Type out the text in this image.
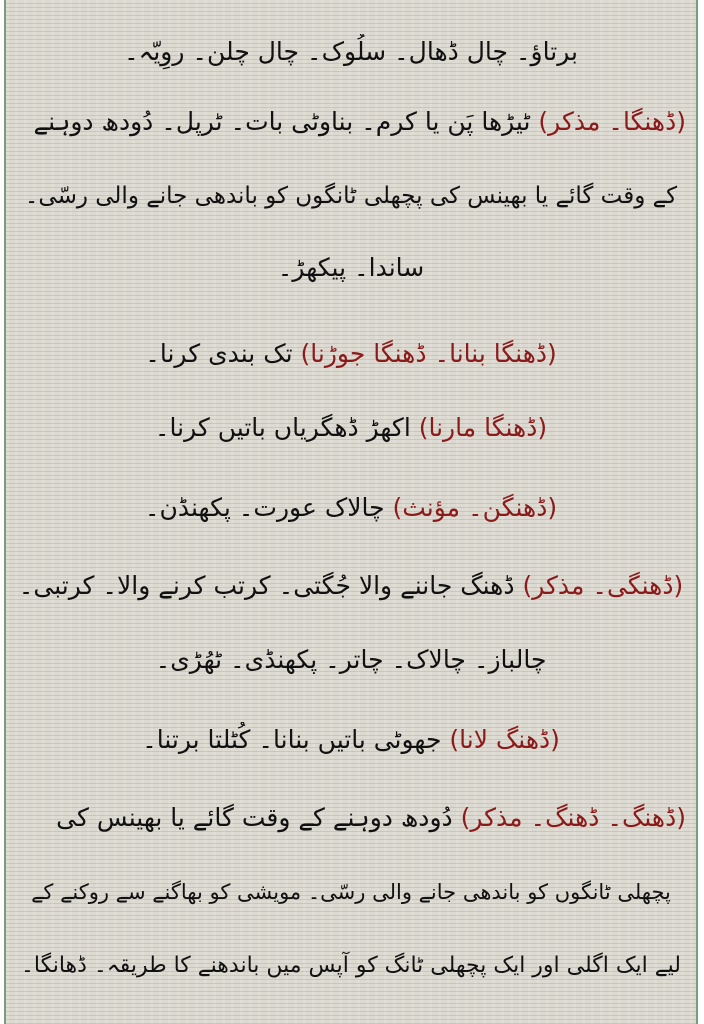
برتاؤ۔ چال ڈھال۔ سلُوک۔ چال چلن۔ روِیّہ۔
(ڈھنگا۔ مذکر) ٹیڑھا پَن یا کرم۔ بناوٹی بات۔ ٹرپل۔ دُودھ دوہنے
کے وقت گائے یا بھینس کی پچھلی ٹانگوں کو باندھی جانے والی رسّی۔
ساندا۔ پیکھڑ۔
(ڈھنگا بنانا۔ ڈھنگا جوڑنا) تک بندی کرنا۔
(ڈھنگا مارنا) اکھڑ ڈھگریاں باتیں کرنا۔
(ڈھنگن۔ مؤنث) چالاک عورت۔ پکھنڈن۔
(ڈھنگی۔ مذکر) ڈھنگ جاننے والا جُگتی۔ کرتب کرنے والا۔ کرتبی۔
چالباز۔ چالاک۔ چاتر۔ پکھنڈی۔ ٹھُڑی۔
(ڈھنگ لانا) جھوٹی باتیں بنانا۔ کُٹلتا برتنا۔
(ڈھنگ۔ ڈھنگ۔ مذکر) دُودھ دوہنے کے وقت گائے یا بھینس کی
پچھلی ٹانگوں کو باندھی جانے والی رسّی۔ مویشی کو بھاگنے سے روکنے کے
لیے ایک اگلی اور ایک پچھلی ٹانگ کو آپس میں باندھنے کا طریقہ۔ ڈھانگا۔
